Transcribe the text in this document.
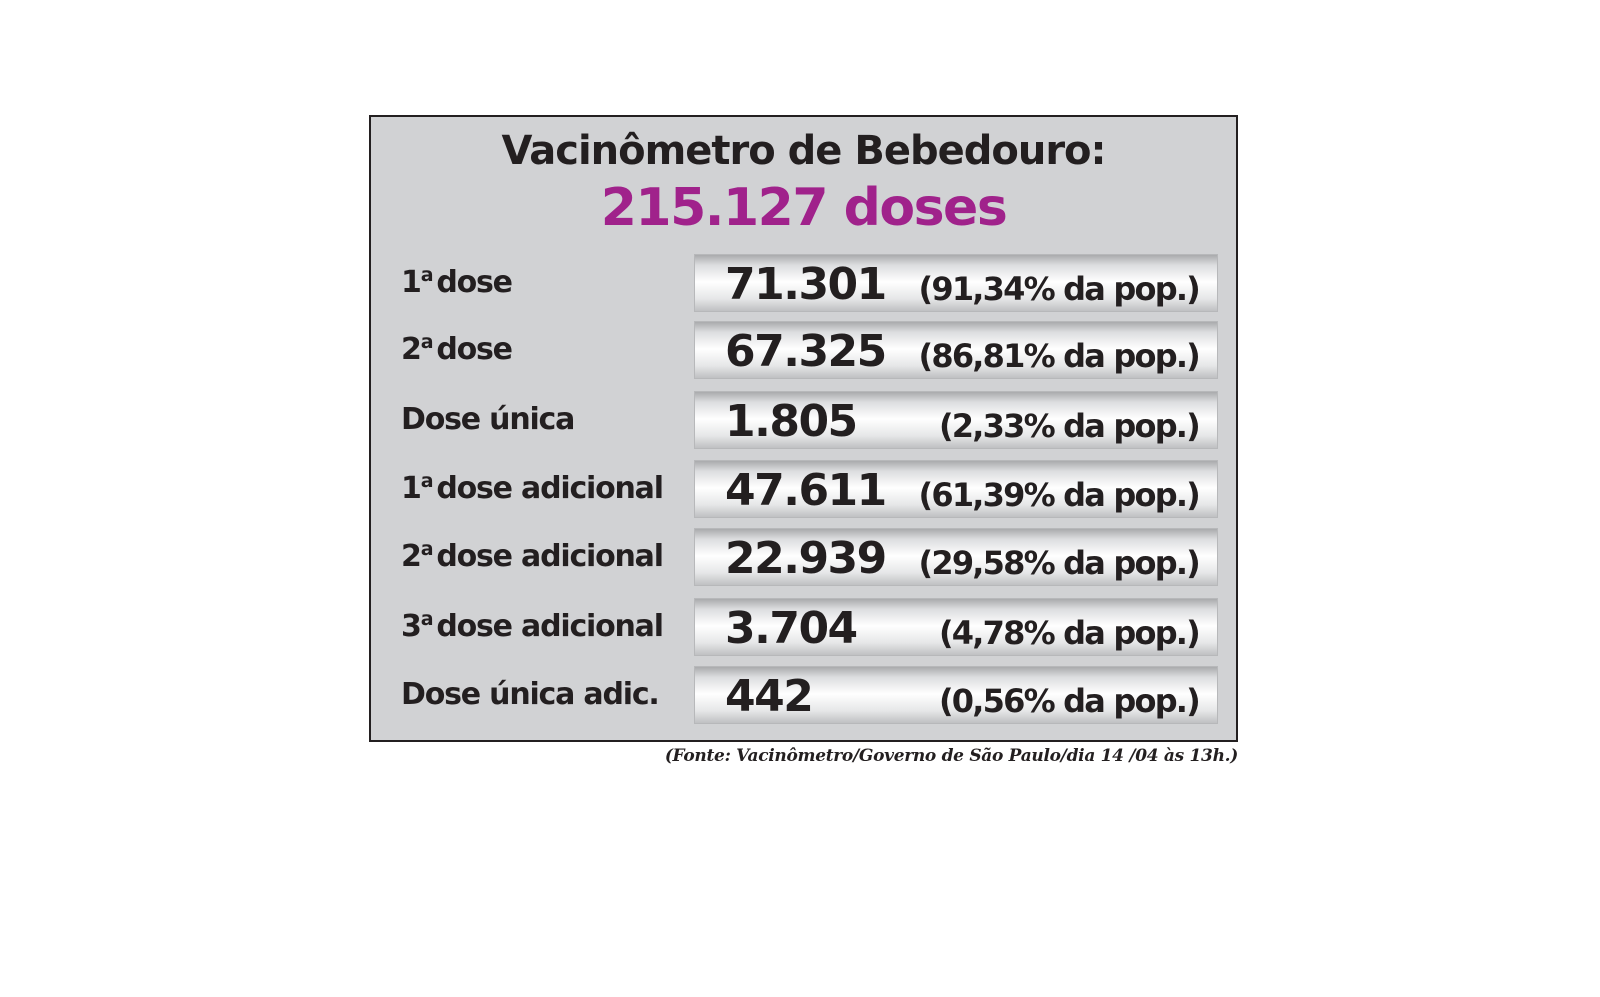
Vacinômetro de Bebedouro:
215.127 doses
1$^a$ dose	71.301 (91,34% da pop.)
2$^a$ dose	67.325 (86,81% da pop.)
Dose única	1.805	(2,33% da pop.)
1$^a$ dose adicional 47.611 (61,39% da pop.)
2$^a$ dose adicional 22.939 (29,58% da pop.)
3$^a$ dose adicional 3.704	(4,78% da pop.)
Dose única adic. 442	(0,56% da pop.)
(Fonte: Vacinômetro/Governo de São Paulo/dia 14 /04 às 13h.)
